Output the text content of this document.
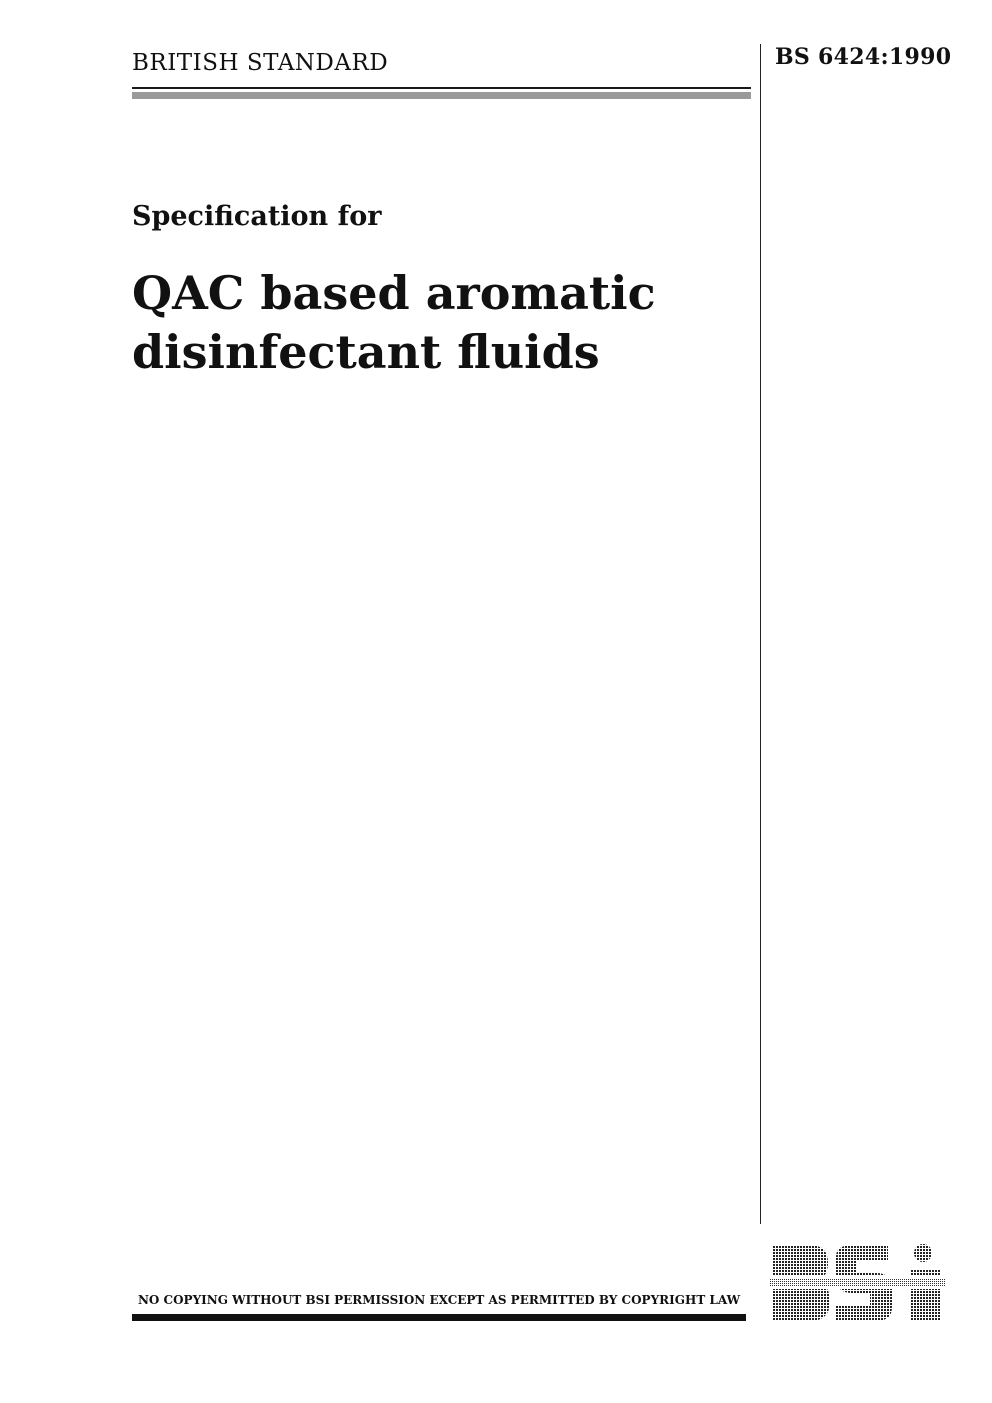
BRITISH STANDARD	BS 6424:1990
Specification for
QAC based aromatic
disinfectant fluids
NO COPYING WITHOUT BSI PERMISSION EXCEPT AS PERMITTED BY COPYRIGHT LAW
